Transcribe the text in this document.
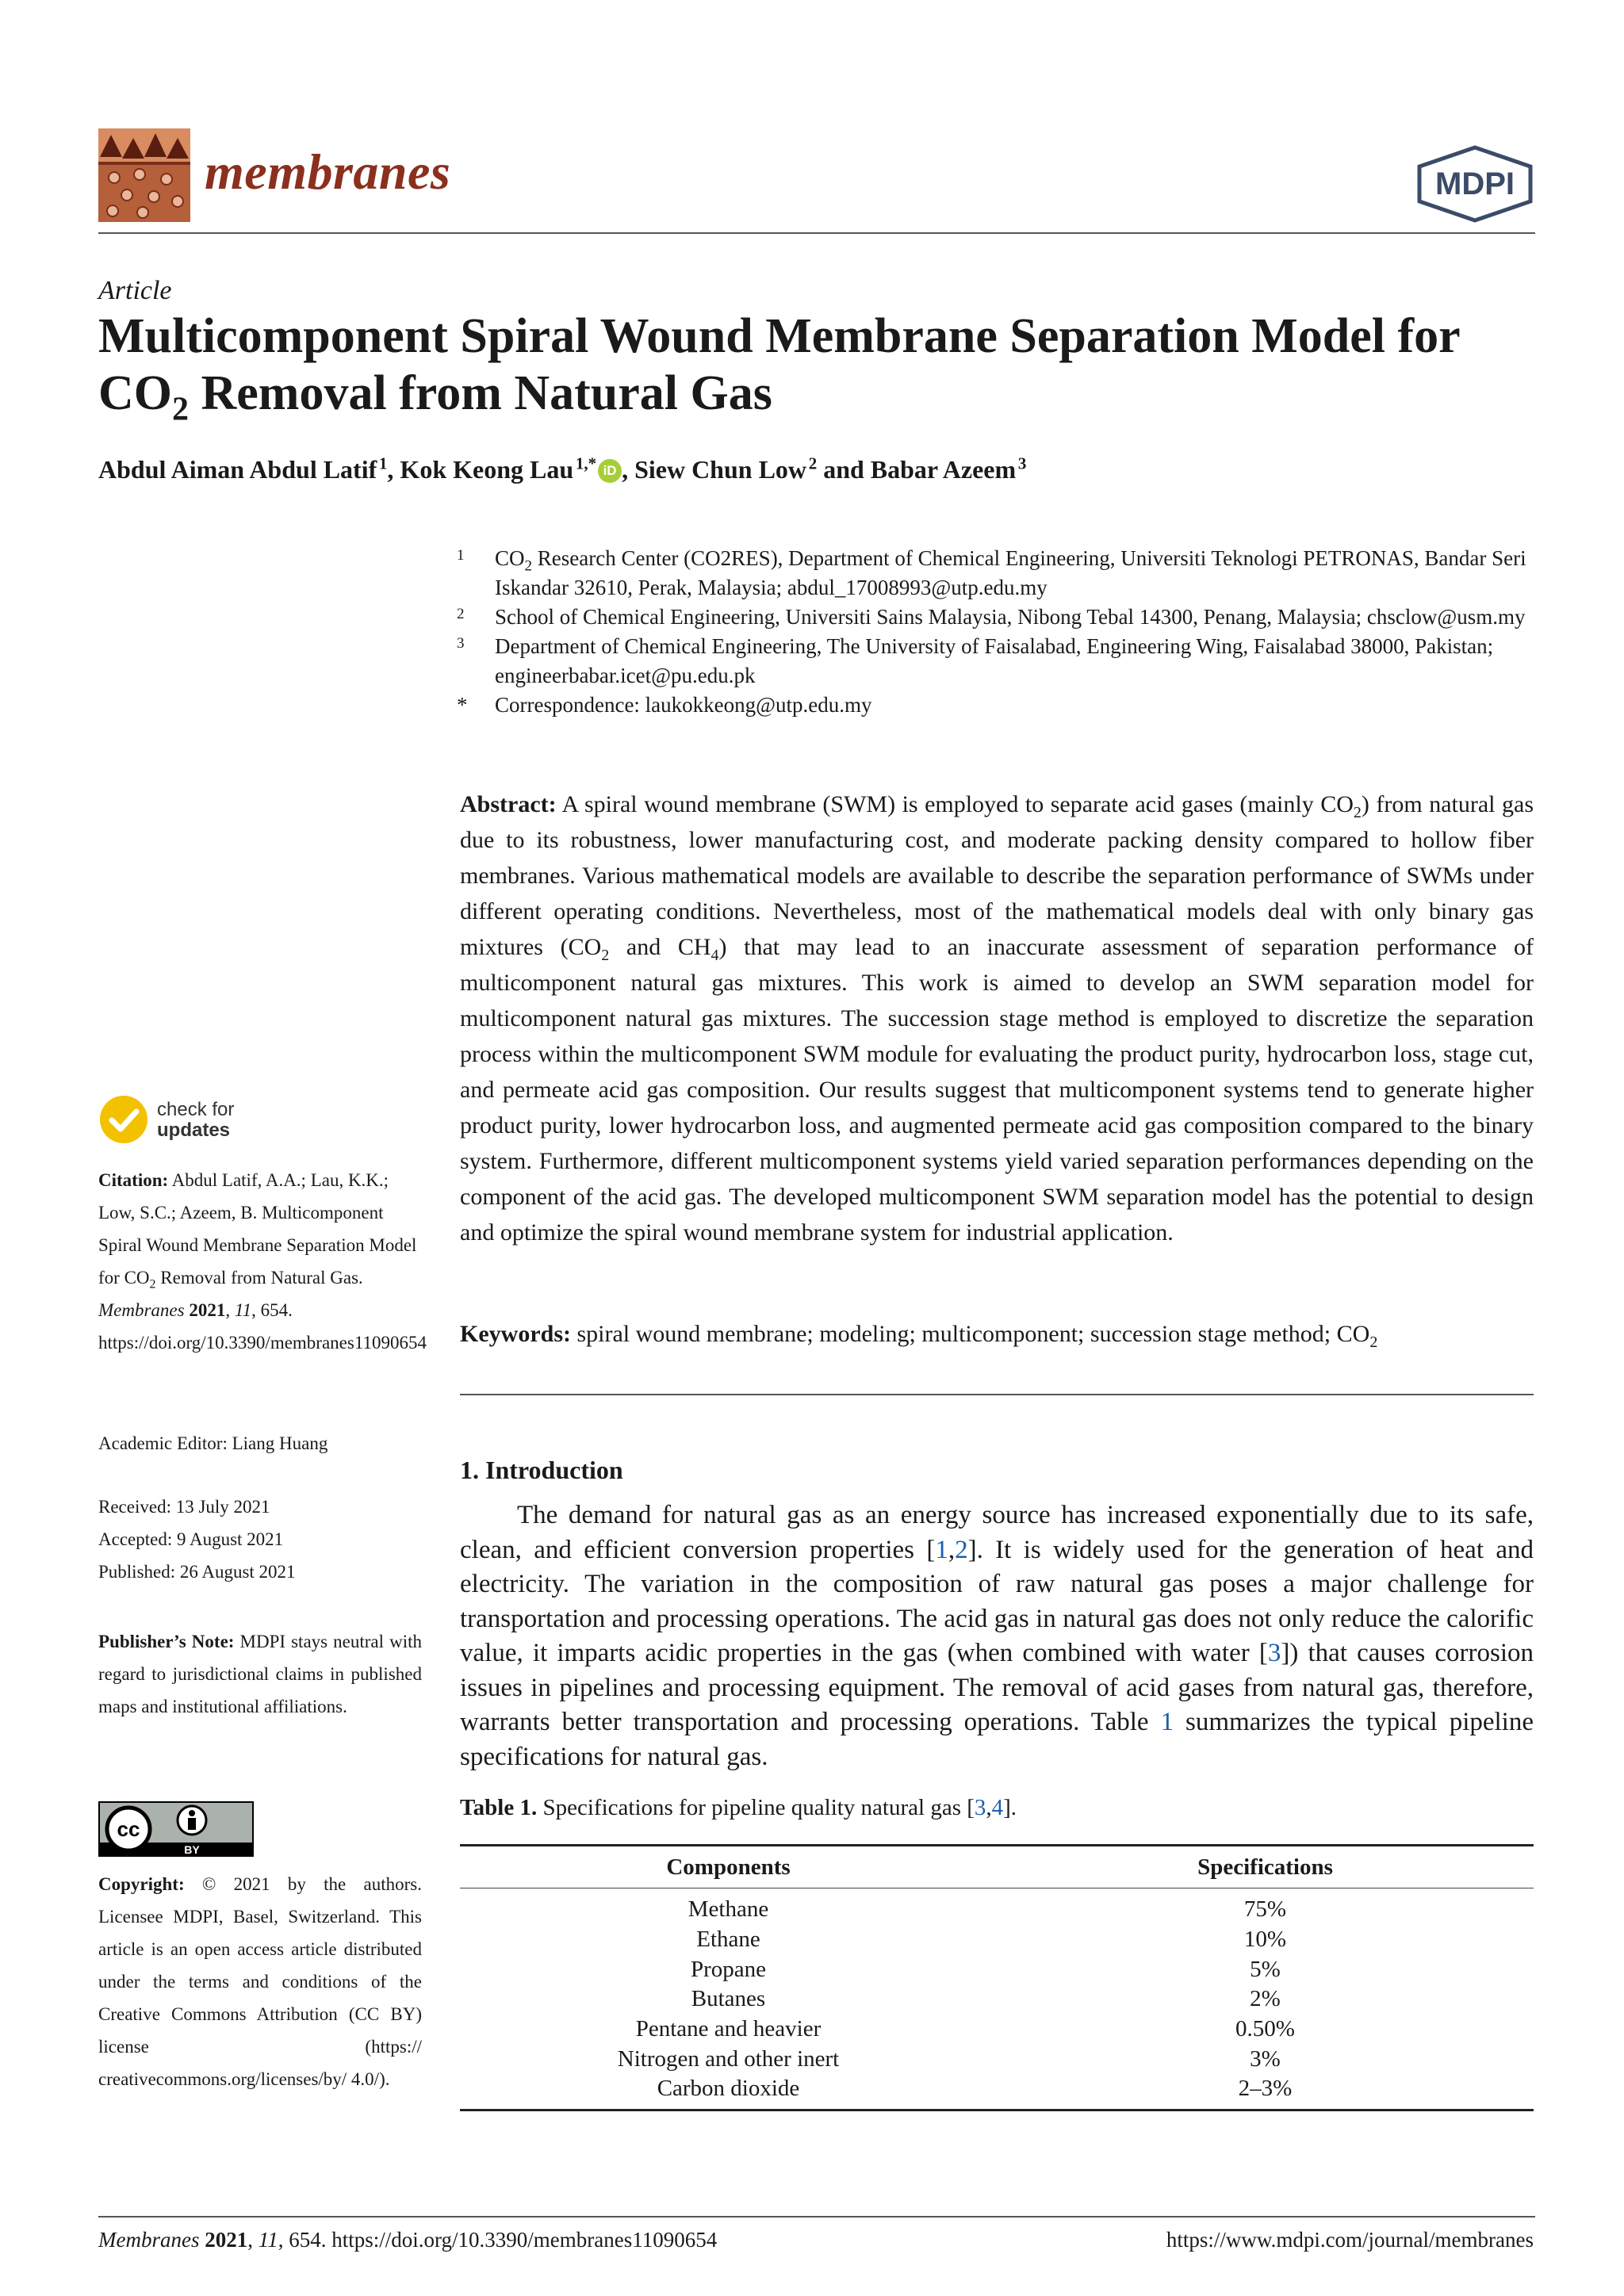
membranes	MDPI
Article
Multicomponent Spiral Wound Membrane Separation Model for $CO_2$ Removal from Natural Gas
Abdul Aiman Abdul Latif  $^1$, Kok Keong Lau  $^{1,*}$ iD , Siew Chun Low  $^2$ and Babar Azeem  $^3$
1 $CO_2$ Research Center (CO2RES), Department of Chemical Engineering, Universiti Teknologi PETRONAS, Bandar Seri Iskandar 32610, Perak, Malaysia; abdul_17008993@utp.edu.my
2 School of Chemical Engineering, Universiti Sains Malaysia, Nibong Tebal 14300, Penang, Malaysia; chsclow@usm.my
3 Department of Chemical Engineering, The University of Faisalabad, Engineering Wing, Faisalabad 38000, Pakistan; engineerbabar.icet@pu.edu.pk
* Correspondence: laukokkeong@utp.edu.my
Abstract: A spiral wound membrane (SWM) is employed to separate acid gases (mainly $CO_2$) from natural gas due to its robustness, lower manufacturing cost, and moderate packing density compared to hollow fiber membranes. Various mathematical models are available to describe the separation performance of SWMs under different operating conditions. Nevertheless, most of the mathematical models deal with only binary gas mixtures ($CO_2$ and $CH_4$) that may lead to an inaccurate assessment of separation performance of multicomponent natural gas mixtures. This work is aimed to develop an SWM separation model for multicomponent natural gas mixtures. The succession stage method is employed to discretize the separation process within the multicomponent SWM module for evaluating the product purity, hydrocarbon loss, stage cut, and permeate acid gas composition. Our results suggest that multicomponent systems tend to generate higher product purity, lower hydrocarbon loss, and augmented permeate acid gas composition compared to the binary system. Furthermore, different multicomponent systems yield varied separation performances depending on the component of the acid gas. The developed multicomponent SWM separation model has the potential to design and optimize the spiral wound membrane system for industrial application.
Keywords: spiral wound membrane; modeling; multicomponent; succession stage method; $CO_2$
1. Introduction
The demand for natural gas as an energy source has increased exponentially due to its safe, clean, and efficient conversion properties [1,2]. It is widely used for the generation of heat and electricity. The variation in the composition of raw natural gas poses a major challenge for transportation and processing operations. The acid gas in natural gas does not only reduce the calorific value, it imparts acidic properties in the gas (when combined with water [3]) that causes corrosion issues in pipelines and processing equipment. The removal of acid gases from natural gas, therefore, warrants better transportation and processing operations. Table 1 summarizes the typical pipeline specifications for natural gas.
Table 1. Specifications for pipeline quality natural gas [3,4].
Components	Specifications
Methane	75%
Ethane	10%
Propane	5%
Butanes	2%
Pentane and heavier	0.50%
Nitrogen and other inert	3%
Carbon dioxide	2–3%
check for
updates
Citation: Abdul Latif, A.A.; Lau, K.K.; Low, S.C.; Azeem, B. Multicomponent Spiral Wound Membrane Separation Model for $CO_2$ Removal from Natural Gas. Membranes 2021, 11, 654. https://doi.org/10.3390/membranes11090654
Academic Editor: Liang Huang
Received: 13 July 2021
Accepted: 9 August 2021
Published: 26 August 2021
Publisher’s Note: MDPI stays neutral with regard to jurisdictional claims in published maps and institutional affiliations.
cc
BY
Copyright: © 2021 by the authors. Licensee MDPI, Basel, Switzerland. This article is an open access article distributed under the terms and conditions of the Creative Commons Attribution (CC BY) license (https:// creativecommons.org/licenses/by/ 4.0/).
Membranes 2021, 11, 654. https://doi.org/10.3390/membranes11090654	https://www.mdpi.com/journal/membranes
